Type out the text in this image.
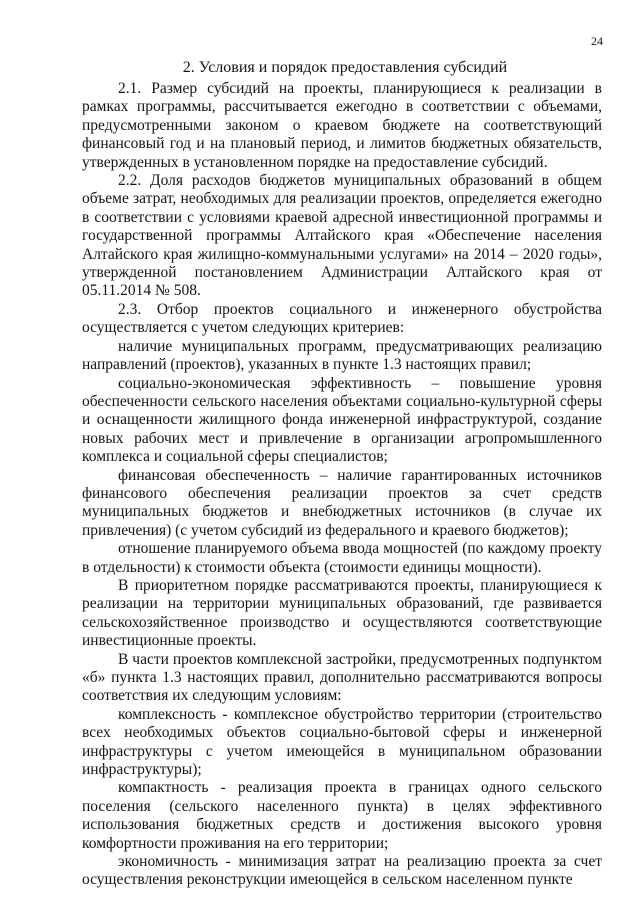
24
2. Условия и порядок предоставления субсидий

2.1. Размер субсидий на проекты, планирующиеся к реализации в рамках программы, рассчитывается ежегодно в соответствии с объемами, предусмотренными законом о краевом бюджете на соответствующий финансовый год и на плановый период, и лимитов бюджетных обязательств, утвержденных в установленном порядке на предоставление субсидий.

2.2. Доля расходов бюджетов муниципальных образований в общем объеме затрат, необходимых для реализации проектов, определяется ежегодно в соответствии с условиями краевой адресной инвестиционной программы и государственной программы Алтайского края «Обеспечение населения Алтайского края жилищно-коммунальными услугами» на 2014 – 2020 годы», утвержденной постановлением Администрации Алтайского края от 05.11.2014 № 508.

2.3. Отбор проектов социального и инженерного обустройства осуществляется с учетом следующих критериев:

наличие муниципальных программ, предусматривающих реализацию направлений (проектов), указанных в пункте 1.3 настоящих правил;

социально-экономическая эффективность – повышение уровня обеспеченности сельского населения объектами социально-культурной сферы и оснащенности жилищного фонда инженерной инфраструктурой, создание новых рабочих мест и привлечение в организации агропромышленного комплекса и социальной сферы специалистов;

финансовая обеспеченность – наличие гарантированных источников финансового обеспечения реализации проектов за счет средств муниципальных бюджетов и внебюджетных источников (в случае их привлечения) (с учетом субсидий из федерального и краевого бюджетов);

отношение планируемого объема ввода мощностей (по каждому проекту в отдельности) к стоимости объекта (стоимости единицы мощности).

В приоритетном порядке рассматриваются проекты, планирующиеся к реализации на территории муниципальных образований, где развивается сельскохозяйственное производство и осуществляются соответствующие инвестиционные проекты.

В части проектов комплексной застройки, предусмотренных подпунктом «б» пункта 1.3 настоящих правил, дополнительно рассматриваются вопросы соответствия их следующим условиям:

комплексность - комплексное обустройство территории (строительство всех необходимых объектов социально-бытовой сферы и инженерной инфраструктуры с учетом имеющейся в муниципальном образовании инфраструктуры);

компактность - реализация проекта в границах одного сельского поселения (сельского населенного пункта) в целях эффективного использования бюджетных средств и достижения высокого уровня комфортности проживания на его территории;

экономичность - минимизация затрат на реализацию проекта за счет осуществления реконструкции имеющейся в сельском населенном пункте
